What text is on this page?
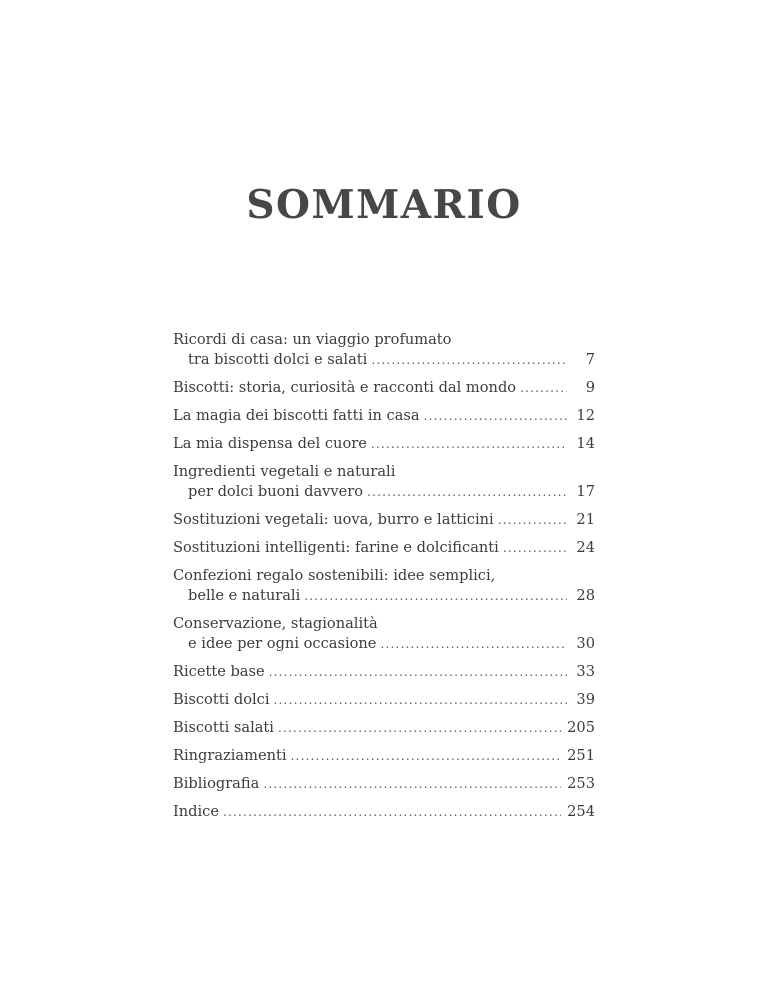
SOMMARIO
Ricordi di casa: un viaggio profumato
tra biscotti dolci e salati .....	7
Biscotti: storia, curiosità e racconti dal mondo .....	9
La magia dei biscotti fatti in casa .....	12
La mia dispensa del cuore .....	14
Ingredienti vegetali e naturali
per dolci buoni davvero .....	17
Sostituzioni vegetali: uova, burro e latticini .....	21
Sostituzioni intelligenti: farine e dolcificanti .....	24
Confezioni regalo sostenibili: idee semplici,
belle e naturali .....	28
Conservazione, stagionalità
e idee per ogni occasione .....	30
Ricette base .....	33
Biscotti dolci .....	39
Biscotti salati .....	205
Ringraziamenti .....	251
Bibliografia .....	253
Indice .....	254
